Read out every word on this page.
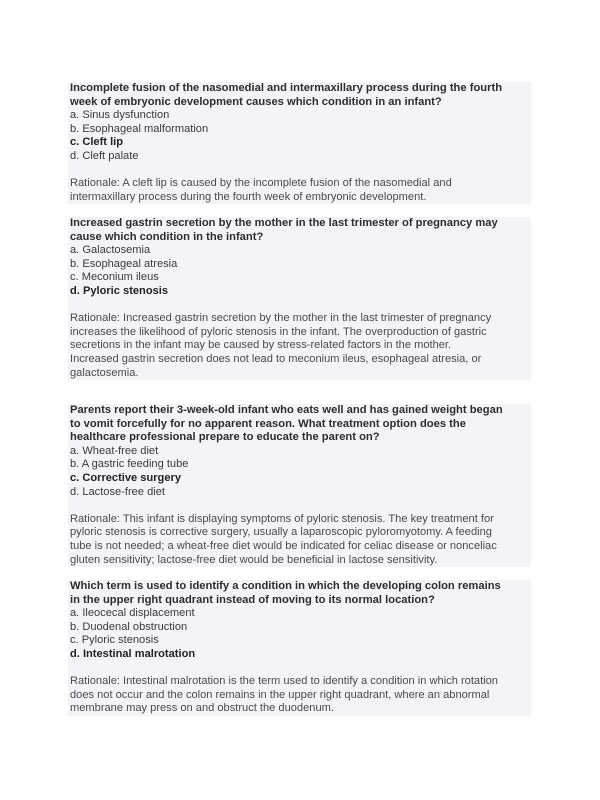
Incomplete fusion of the nasomedial and intermaxillary process during the fourth
week of embryonic development causes which condition in an infant?
a. Sinus dysfunction
b. Esophageal malformation
c. Cleft lip
d. Cleft palate
Rationale: A cleft lip is caused by the incomplete fusion of the nasomedial and
intermaxillary process during the fourth week of embryonic development.
Increased gastrin secretion by the mother in the last trimester of pregnancy may
cause which condition in the infant?
a. Galactosemia
b. Esophageal atresia
c. Meconium ileus
d. Pyloric stenosis
Rationale: Increased gastrin secretion by the mother in the last trimester of pregnancy
increases the likelihood of pyloric stenosis in the infant. The overproduction of gastric
secretions in the infant may be caused by stress-related factors in the mother.
Increased gastrin secretion does not lead to meconium ileus, esophageal atresia, or
galactosemia.
Parents report their 3-week-old infant who eats well and has gained weight began
to vomit forcefully for no apparent reason. What treatment option does the
healthcare professional prepare to educate the parent on?
a. Wheat-free diet
b. A gastric feeding tube
c. Corrective surgery
d. Lactose-free diet
Rationale: This infant is displaying symptoms of pyloric stenosis. The key treatment for
pyloric stenosis is corrective surgery, usually a laparoscopic pyloromyotomy. A feeding
tube is not needed; a wheat-free diet would be indicated for celiac disease or nonceliac
gluten sensitivity; lactose-free diet would be beneficial in lactose sensitivity.
Which term is used to identify a condition in which the developing colon remains
in the upper right quadrant instead of moving to its normal location?
a. Ileocecal displacement
b. Duodenal obstruction
c. Pyloric stenosis
d. Intestinal malrotation
Rationale: Intestinal malrotation is the term used to identify a condition in which rotation
does not occur and the colon remains in the upper right quadrant, where an abnormal
membrane may press on and obstruct the duodenum.
